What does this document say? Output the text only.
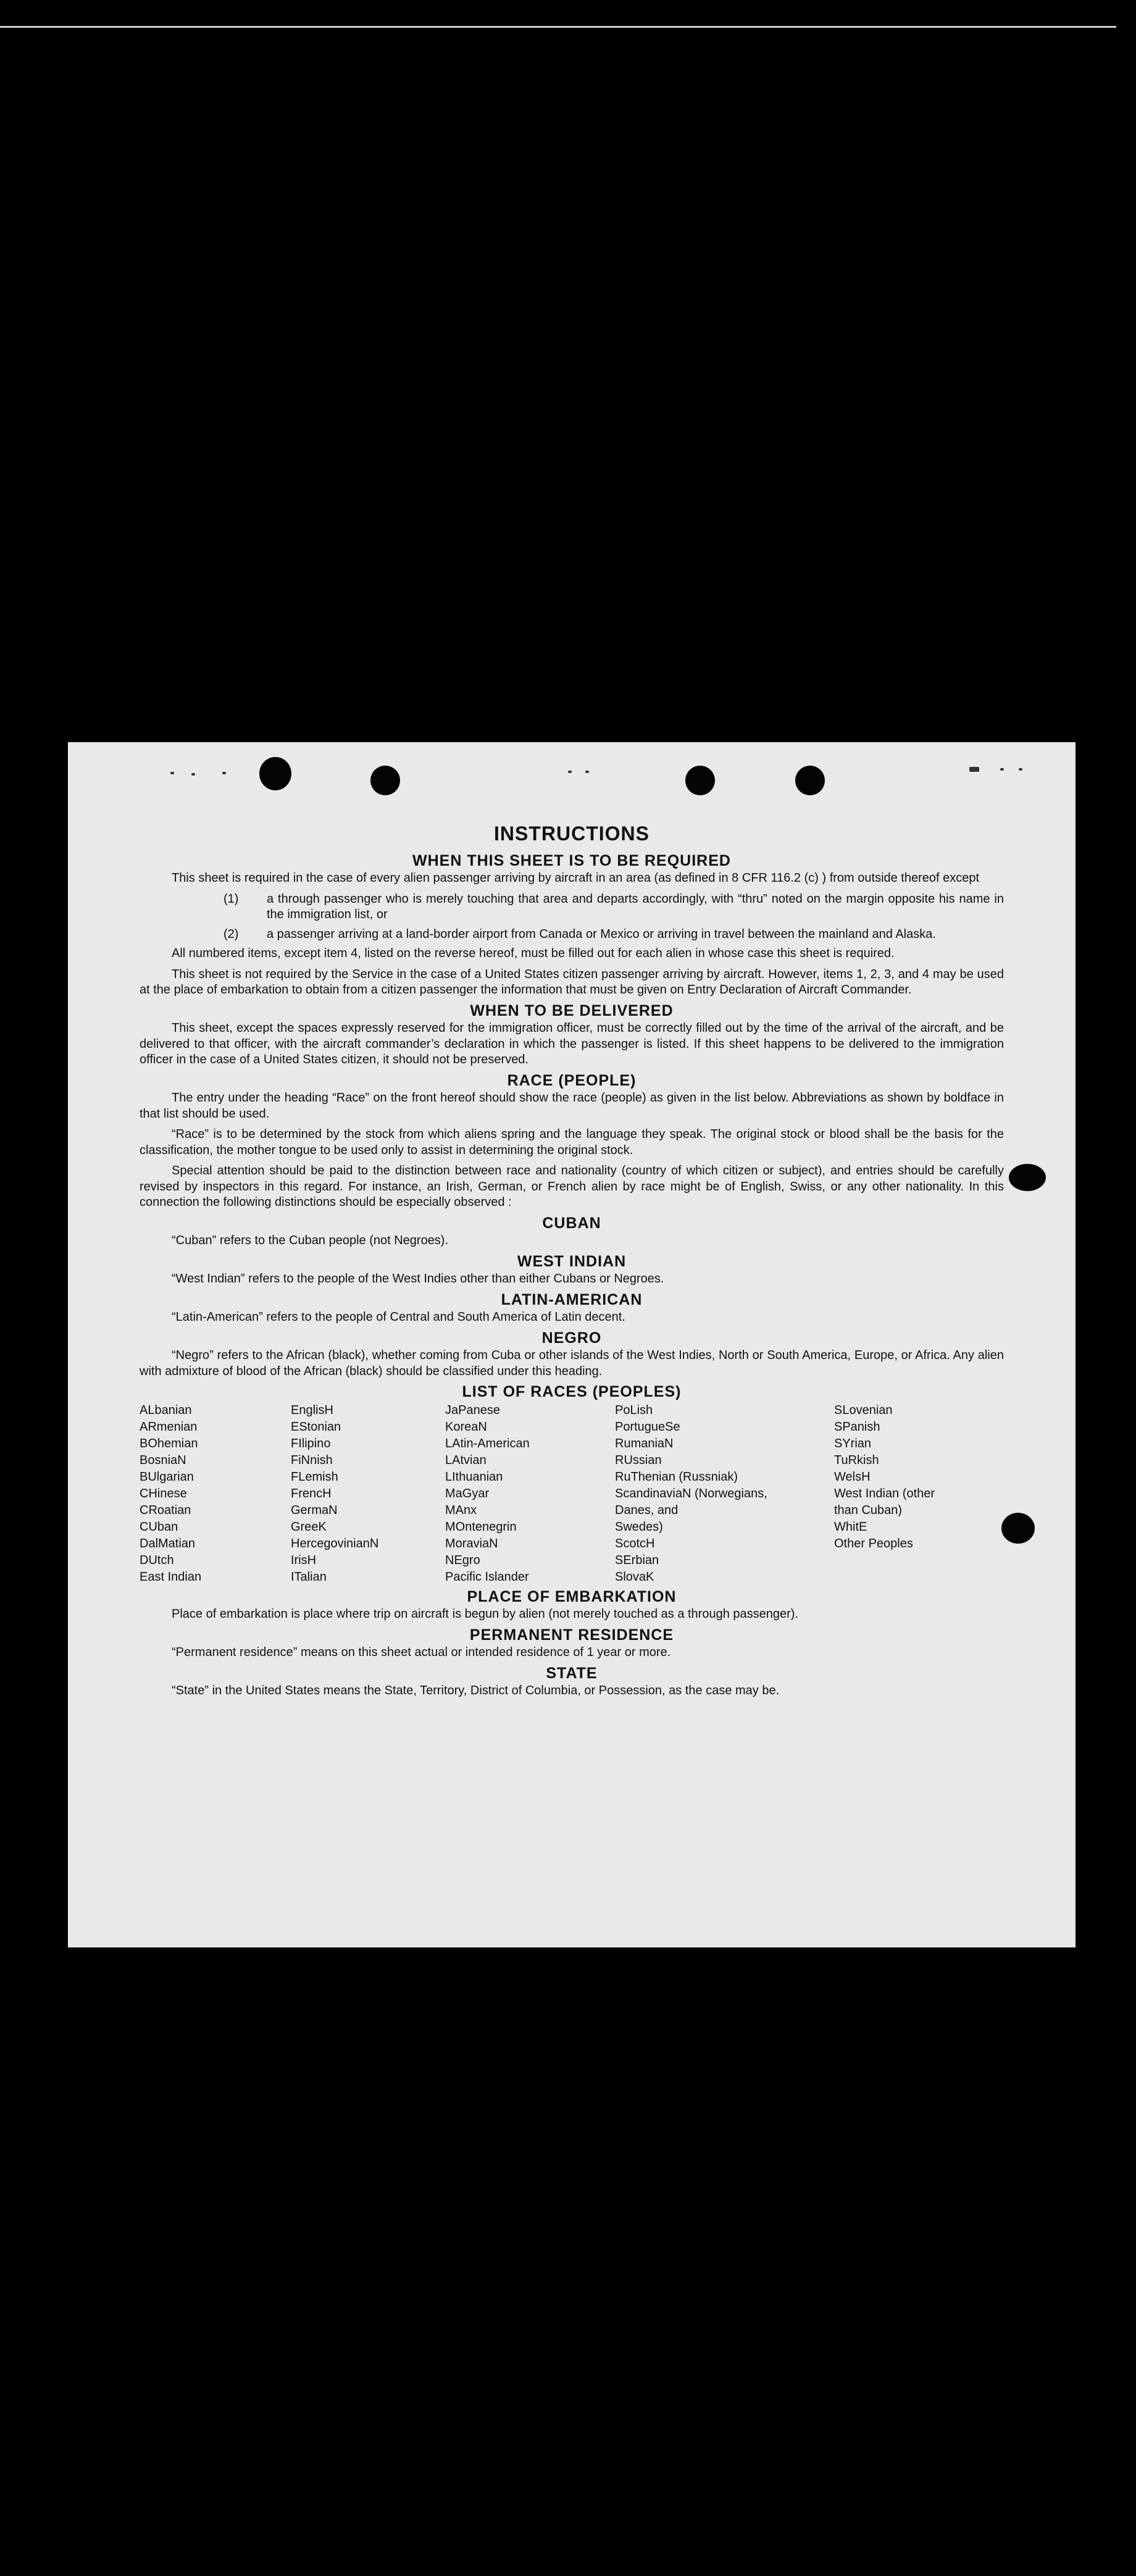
INSTRUCTIONS
WHEN THIS SHEET IS TO BE REQUIRED

This sheet is required in the case of every alien passenger arriving by aircraft in an area (as defined in 8 CFR 116.2 (c) ) from outside thereof except

(1)	a through passenger who is merely touching that area and departs accordingly, with “thru” noted on the margin opposite his name in the immigration list, or
(2)	a passenger arriving at a land-border airport from Canada or Mexico or arriving in travel between the mainland and Alaska.

All numbered items, except item 4, listed on the reverse hereof, must be filled out for each alien in whose case this sheet is required.

This sheet is not required by the Service in the case of a United States citizen passenger arriving by aircraft. However, items 1, 2, 3, and 4 may be used at the place of embarkation to obtain from a citizen passenger the information that must be given on Entry Declaration of Aircraft Commander.

WHEN TO BE DELIVERED

This sheet, except the spaces expressly reserved for the immigration officer, must be correctly filled out by the time of the arrival of the aircraft, and be delivered to that officer, with the aircraft commander’s declaration in which the passenger is listed. If this sheet happens to be delivered to the immigration officer in the case of a United States citizen, it should not be preserved.

RACE (PEOPLE)

The entry under the heading “Race” on the front hereof should show the race (people) as given in the list below. Abbreviations as shown by boldface in that list should be used.

“Race” is to be determined by the stock from which aliens spring and the language they speak. The original stock or blood shall be the basis for the classification, the mother tongue to be used only to assist in determining the original stock.

Special attention should be paid to the distinction between race and nationality (country of which citizen or subject), and entries should be carefully revised by inspectors in this regard. For instance, an Irish, German, or French alien by race might be of English, Swiss, or any other nationality. In this connection the following distinctions should be especially observed :

CUBAN

“Cuban” refers to the Cuban people (not Negroes).

WEST INDIAN

“West Indian” refers to the people of the West Indies other than either Cubans or Negroes.

LATIN-AMERICAN

“Latin-American” refers to the people of Central and South America of Latin decent.

NEGRO

“Negro” refers to the African (black), whether coming from Cuba or other islands of the West Indies, North or South America, Europe, or Africa. Any alien with admixture of blood of the African (black) should be classified under this heading.

LIST OF RACES (PEOPLES)
ALbanian
ARmenian
BOhemian
BosniaN
BUlgarian
CHinese
CRoatian
CUban
DalMatian
DUtch
East Indian
EnglisH
EStonian
FIlipino
FiNnish
FLemish
FrencH
GermaN
GreeK
HercegovinianN
IrisH
ITalian
JaPanese
KoreaN
LAtin-American
LAtvian
LIthuanian
MaGyar
MAnx
MOntenegrin
MoraviaN
NEgro
Pacific Islander
PoLish
PortugueSe
RumaniaN
RUssian
RuThenian (Russniak)
ScandinaviaN (Norwegians,
Danes, and
Swedes)
ScotcH
SErbian
SlovaK
SLovenian
SPanish
SYrian
TuRkish
WelsH
West Indian (other
than Cuban)
WhitE
Other Peoples
PLACE OF EMBARKATION

Place of embarkation is place where trip on aircraft is begun by alien (not merely touched as a through passenger).

PERMANENT RESIDENCE

“Permanent residence” means on this sheet actual or intended residence of 1 year or more.

STATE

“State” in the United States means the State, Territory, District of Columbia, or Possession, as the case may be.
